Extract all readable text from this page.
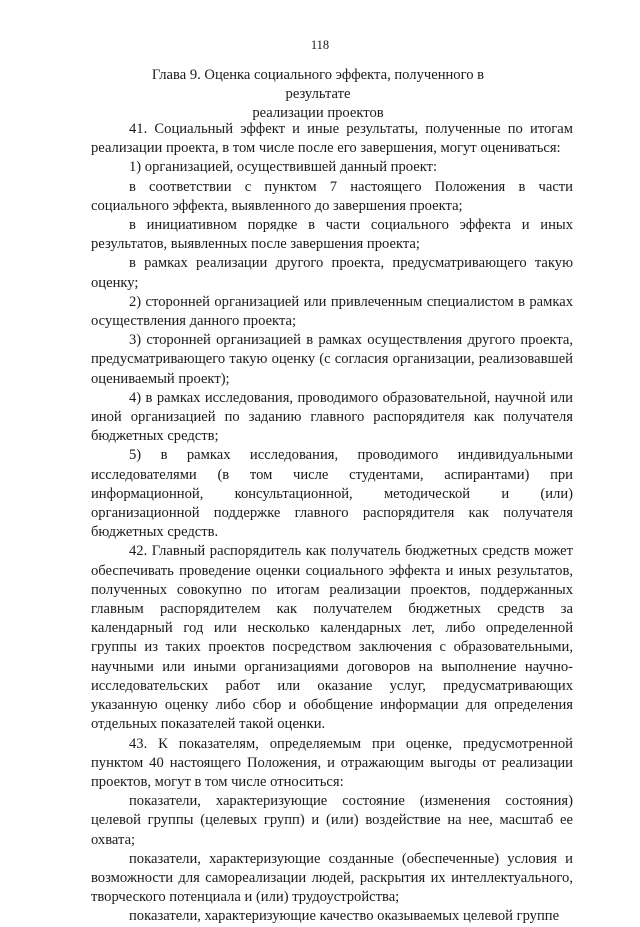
118
Глава 9. Оценка социального эффекта, полученного в результате
реализации проектов

41. Социальный эффект и иные результаты, полученные по итогам реализации проекта, в том числе после его завершения, могут оцениваться:

1) организацией, осуществившей данный проект:

в соответствии с пунктом 7 настоящего Положения в части социального эффекта, выявленного до завершения проекта;

в инициативном порядке в части социального эффекта и иных результатов, выявленных после завершения проекта;

в рамках реализации другого проекта, предусматривающего такую оценку;

2) сторонней организацией или привлеченным специалистом в рамках осуществления данного проекта;

3) сторонней организацией в рамках осуществления другого проекта, предусматривающего такую оценку (с согласия организации, реализовавшей оцениваемый проект);

4) в рамках исследования, проводимого образовательной, научной или иной организацией по заданию главного распорядителя как получателя бюджетных средств;

5) в рамках исследования, проводимого индивидуальными исследователями (в том числе студентами, аспирантами) при информационной, консультационной, методической и (или) организационной поддержке главного распорядителя как получателя бюджетных средств.

42. Главный распорядитель как получатель бюджетных средств может обеспечивать проведение оценки социального эффекта и иных результатов, полученных совокупно по итогам реализации проектов, поддержанных главным распорядителем как получателем бюджетных средств за календарный год или несколько календарных лет, либо определенной группы из таких проектов посредством заключения с образовательными, научными или иными организациями договоров на выполнение научно-исследовательских работ или оказание услуг, предусматривающих указанную оценку либо сбор и обобщение информации для определения отдельных показателей такой оценки.

43. К показателям, определяемым при оценке, предусмотренной пунктом 40 настоящего Положения, и отражающим выгоды от реализации проектов, могут в том числе относиться:

показатели, характеризующие состояние (изменения состояния) целевой группы (целевых групп) и (или) воздействие на нее, масштаб ее охвата;

показатели, характеризующие созданные (обеспеченные) условия и возможности для самореализации людей, раскрытия их интеллектуального, творческого потенциала и (или) трудоустройства;

показатели, характеризующие качество оказываемых целевой группе
